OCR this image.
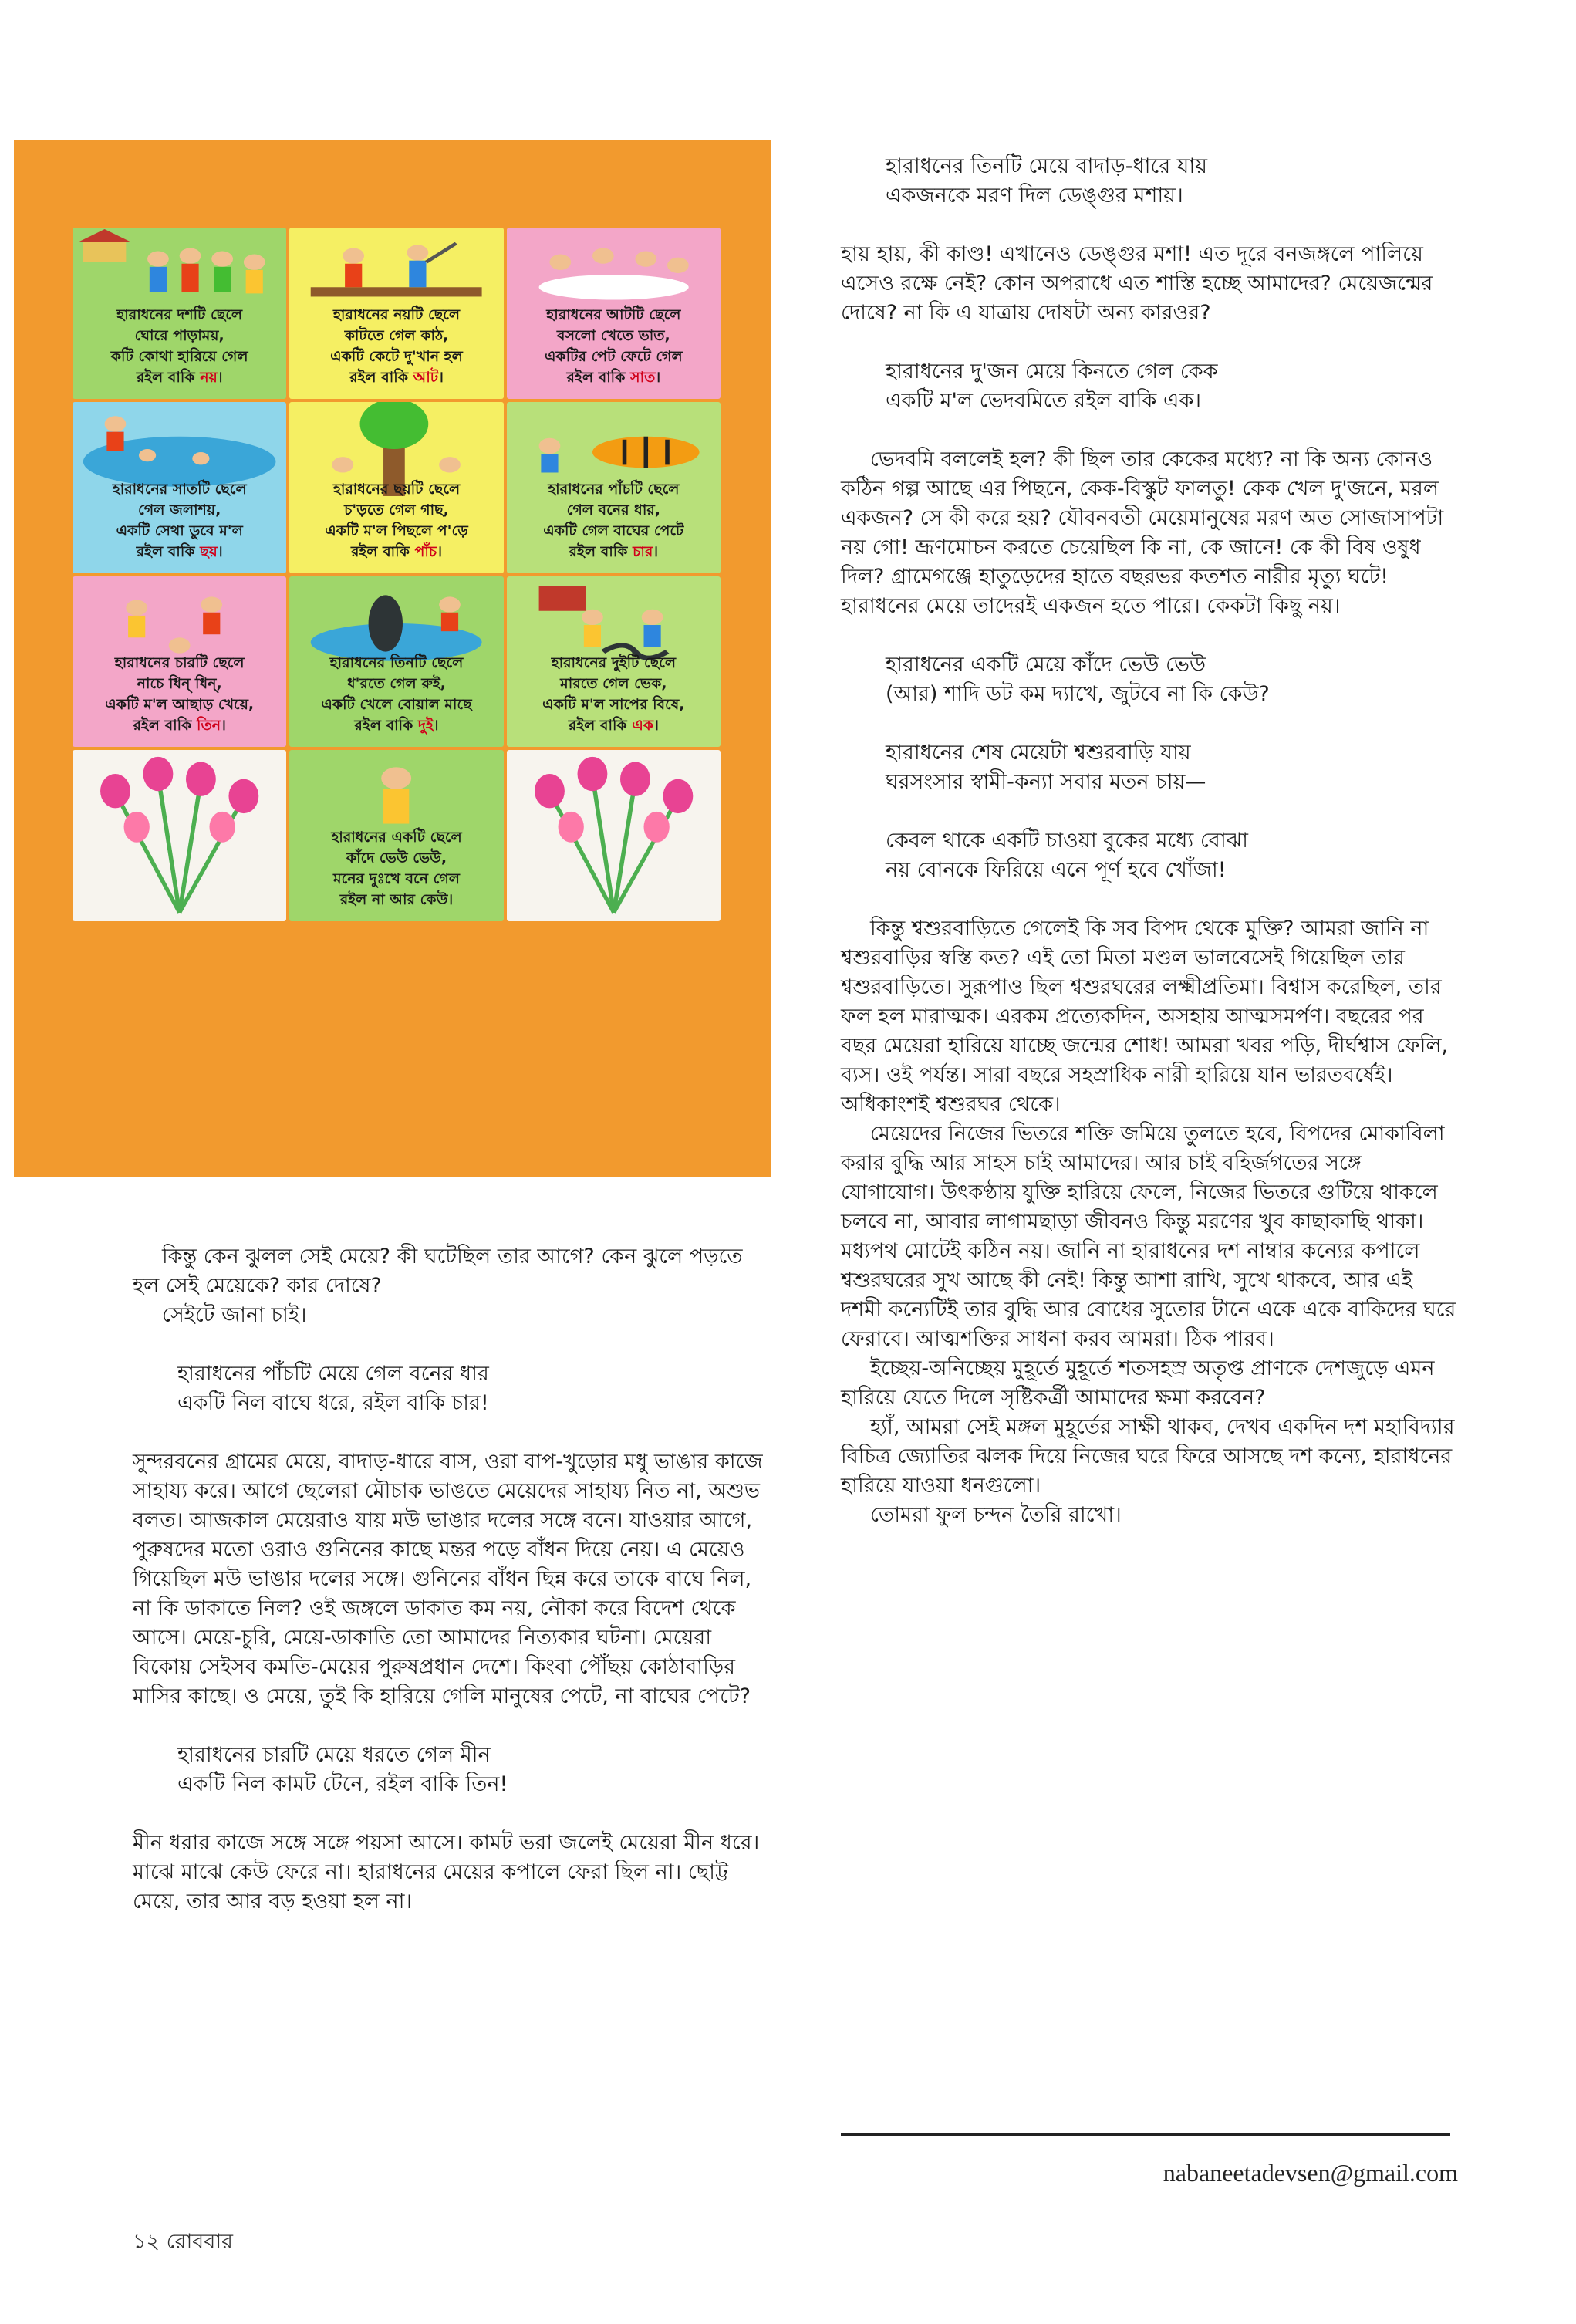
হারাধনের দশটি ছেলে
ঘোরে পাড়াময়,
কটি কোথা হারিয়ে গেল
রইল বাকি নয়।
হারাধনের নয়টি ছেলে
কাটতে গেল কাঠ,
একটি কেটে দু'খান হল
রইল বাকি আট।
হারাধনের আটটি ছেলে
বসলো খেতে ভাত,
একটির পেট ফেটে গেল
রইল বাকি সাত।
হারাধনের সাতটি ছেলে
গেল জলাশয়,
একটি সেথা ডুবে ম'ল
রইল বাকি ছয়।
হারাধনের ছয়টি ছেলে
চ'ড়তে গেল গাছ,
একটি ম'ল পিছলে প'ড়ে
রইল বাকি পাঁচ।
হারাধনের পাঁচটি ছেলে
গেল বনের ধার,
একটি গেল বাঘের পেটে
রইল বাকি চার।
হারাধনের চারটি ছেলে
নাচে ধিন্ ধিন্,
একটি ম'ল আছাড় খেয়ে,
রইল বাকি তিন।
হারাধনের তিনটি ছেলে
ধ'রতে গেল রুই,
একটি খেলে বোয়াল মাছে
রইল বাকি দুই।
হারাধনের দুইটি ছেলে
মারতে গেল ভেক,
একটি ম'ল সাপের বিষে,
রইল বাকি এক।
হারাধনের একটি ছেলে
কাঁদে ভেউ ভেউ,
মনের দুঃখে বনে গেল
রইল না আর কেউ।

কিন্তু কেন ঝুলল সেই মেয়ে? কী ঘটেছিল তার আগে? কেন ঝুলে পড়তে হল সেই মেয়েকে? কার দোষে?

সেইটে জানা চাই।

হারাধনের পাঁচটি মেয়ে গেল বনের ধার

একটি নিল বাঘে ধরে, রইল বাকি চার!

সুন্দরবনের গ্রামের মেয়ে, বাদাড়-ধারে বাস, ওরা বাপ-খুড়োর মধু ভাঙার কাজে সাহায্য করে। আগে ছেলেরা মৌচাক ভাঙতে মেয়েদের সাহায্য নিত না, অশুভ বলত। আজকাল মেয়েরাও যায় মউ ভাঙার দলের সঙ্গে বনে। যাওয়ার আগে, পুরুষদের মতো ওরাও গুনিনের কাছে মন্তর পড়ে বাঁধন দিয়ে নেয়। এ মেয়েও গিয়েছিল মউ ভাঙার দলের সঙ্গে। গুনিনের বাঁধন ছিন্ন করে তাকে বাঘে নিল, না কি ডাকাতে নিল? ওই জঙ্গলে ডাকাত কম নয়, নৌকা করে বিদেশ থেকে আসে। মেয়ে-চুরি, মেয়ে-ডাকাতি তো আমাদের নিত্যকার ঘটনা। মেয়েরা বিকোয় সেইসব কমতি-মেয়ের পুরুষপ্রধান দেশে। কিংবা পৌঁছয় কোঠাবাড়ির মাসির কাছে। ও মেয়ে, তুই কি হারিয়ে গেলি মানুষের পেটে, না বাঘের পেটে?

হারাধনের চারটি মেয়ে ধরতে গেল মীন

একটি নিল কামট টেনে, রইল বাকি তিন!

মীন ধরার কাজে সঙ্গে সঙ্গে পয়সা আসে। কামট ভরা জলেই মেয়েরা মীন ধরে। মাঝে মাঝে কেউ ফেরে না। হারাধনের মেয়ের কপালে ফেরা ছিল না। ছোট্ট মেয়ে, তার আর বড় হওয়া হল না।

হারাধনের তিনটি মেয়ে বাদাড়-ধারে যায়

একজনকে মরণ দিল ডেঙ্গুর মশায়।

হায় হায়, কী কাণ্ড! এখানেও ডেঙ্গুর মশা! এত দূরে বনজঙ্গলে পালিয়ে এসেও রক্ষে নেই? কোন অপরাধে এত শাস্তি হচ্ছে আমাদের? মেয়েজন্মের দোষে? না কি এ যাত্রায় দোষটা অন্য কারওর?

হারাধনের দু'জন মেয়ে কিনতে গেল কেক

একটি ম'ল ভেদবমিতে রইল বাকি এক।

ভেদবমি বললেই হল? কী ছিল তার কেকের মধ্যে? না কি অন্য কোনও কঠিন গল্প আছে এর পিছনে, কেক-বিস্কুট ফালতু! কেক খেল দু'জনে, মরল একজন? সে কী করে হয়? যৌবনবতী মেয়েমানুষের মরণ অত সোজাসাপটা নয় গো! ভ্রূণমোচন করতে চেয়েছিল কি না, কে জানে! কে কী বিষ ওষুধ দিল? গ্রামেগঞ্জে হাতুড়েদের হাতে বছরভর কতশত নারীর মৃত্যু ঘটে! হারাধনের মেয়ে তাদেরই একজন হতে পারে। কেকটা কিছু নয়।

হারাধনের একটি মেয়ে কাঁদে ভেউ ভেউ

(আর) শাদি ডট কম দ্যাখে, জুটবে না কি কেউ?

হারাধনের শেষ মেয়েটা শ্বশুরবাড়ি যায়

ঘরসংসার স্বামী-কন্যা সবার মতন চায়—

কেবল থাকে একটি চাওয়া বুকের মধ্যে বোঝা

নয় বোনকে ফিরিয়ে এনে পূর্ণ হবে খোঁজা!

কিন্তু শ্বশুরবাড়িতে গেলেই কি সব বিপদ থেকে মুক্তি? আমরা জানি না শ্বশুরবাড়ির স্বস্তি কত? এই তো মিতা মণ্ডল ভালবেসেই গিয়েছিল তার শ্বশুরবাড়িতে। সুরূপাও ছিল শ্বশুরঘরের লক্ষ্মীপ্রতিমা। বিশ্বাস করেছিল, তার ফল হল মারাত্মক। এরকম প্রত্যেকদিন, অসহায় আত্মসমর্পণ। বছরের পর বছর মেয়েরা হারিয়ে যাচ্ছে জন্মের শোধ! আমরা খবর পড়ি, দীর্ঘশ্বাস ফেলি, ব্যস। ওই পর্যন্ত। সারা বছরে সহস্রাধিক নারী হারিয়ে যান ভারতবর্ষেই। অধিকাংশই শ্বশুরঘর থেকে।

মেয়েদের নিজের ভিতরে শক্তি জমিয়ে তুলতে হবে, বিপদের মোকাবিলা করার বুদ্ধি আর সাহস চাই আমাদের। আর চাই বহির্জগতের সঙ্গে যোগাযোগ। উৎকণ্ঠায় যুক্তি হারিয়ে ফেলে, নিজের ভিতরে গুটিয়ে থাকলে চলবে না, আবার লাগামছাড়া জীবনও কিন্তু মরণের খুব কাছাকাছি থাকা। মধ্যপথ মোটেই কঠিন নয়। জানি না হারাধনের দশ নাম্বার কন্যের কপালে শ্বশুরঘরের সুখ আছে কী নেই! কিন্তু আশা রাখি, সুখে থাকবে, আর এই দশমী কন্যেটিই তার বুদ্ধি আর বোধের সুতোর টানে একে একে বাকিদের ঘরে ফেরাবে। আত্মশক্তির সাধনা করব আমরা। ঠিক পারব।

ইচ্ছেয়-অনিচ্ছেয় মুহূর্তে মুহূর্তে শতসহস্র অতৃপ্ত প্রাণকে দেশজুড়ে এমন হারিয়ে যেতে দিলে সৃষ্টিকর্ত্রী আমাদের ক্ষমা করবেন?

হ্যাঁ, আমরা সেই মঙ্গল মুহূর্তের সাক্ষী থাকব, দেখব একদিন দশ মহাবিদ্যার বিচিত্র জ্যোতির ঝলক দিয়ে নিজের ঘরে ফিরে আসছে দশ কন্যে, হারাধনের হারিয়ে যাওয়া ধনগুলো।

তোমরা ফুল চন্দন তৈরি রাখো।

nabaneetadevsen@gmail.com
১২ রোববার
